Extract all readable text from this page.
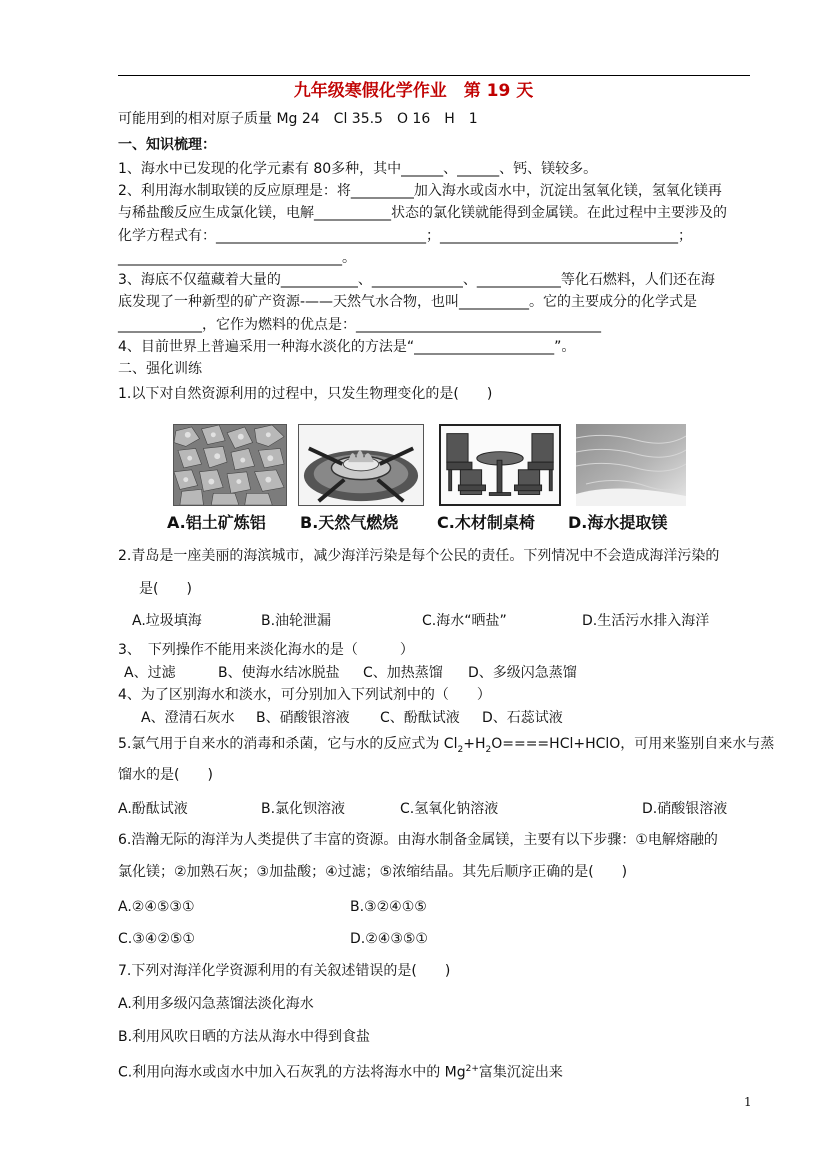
九年级寒假化学作业　第 19 天
可能用到的相对原子质量 Mg 24　Cl 35.5　O 16　H　1
一、知识梳理：
1、海水中已发现的化学元素有 80多种，其中______、______、钙、镁较多。
2、利用海水制取镁的反应原理是：将_________加入海水或卤水中，沉淀出氢氧化镁，氢氧化镁再
与稀盐酸反应生成氯化镁，电解___________状态的氯化镁就能得到金属镁。在此过程中主要涉及的
化学方程式有：______________________________；__________________________________；
________________________________。
3、海底不仅蕴藏着大量的___________、_____________、____________等化石燃料，人们还在海
底发现了一种新型的矿产资源-——天然气水合物，也叫__________。它的主要成分的化学式是
____________，它作为燃料的优点是：___________________________________
4、目前世界上普遍采用一种海水淡化的方法是“____________________”。
二、强化训练
1.以下对自然资源利用的过程中，只发生物理变化的是(　　)
A.铝土矿炼铝 B.天然气燃烧 C.木材制桌椅 D.海水提取镁
2.青岛是一座美丽的海滨城市，减少海洋污染是每个公民的责任。下列情况中不会造成海洋污染的
是(　　)
A.垃圾填海	B.油轮泄漏	C.海水“晒盐”	D.生活污水排入海洋
3、　下列操作不能用来淡化海水的是（　　　）
A、过滤	B、使海水结冰脱盐 C、加热蒸馏 D、多级闪急蒸馏
4、为了区别海水和淡水，可分别加入下列试剂中的（　　）
A、澄清石灰水 B、硝酸银溶液 C、酚酞试液 D、石蕊试液
5.氯气用于自来水的消毒和杀菌，它与水的反应式为 $Cl_2+H_2O====HCl+HClO$，可用来鉴别自来水与蒸
馏水的是(　　)
A.酚酞试液	B.氯化钡溶液	C.氢氧化钠溶液	D.硝酸银溶液
6.浩瀚无际的海洋为人类提供了丰富的资源。由海水制备金属镁，主要有以下步骤：①电解熔融的
氯化镁；②加熟石灰；③加盐酸；④过滤；⑤浓缩结晶。其先后顺序正确的是(　　)
A.②④⑤③①	B.③②④①⑤
C.③④②⑤①	D.②④③⑤①
7.下列对海洋化学资源利用的有关叙述错误的是(　　)
A.利用多级闪急蒸馏法淡化海水
B.利用风吹日晒的方法从海水中得到食盐
C.利用向海水或卤水中加入石灰乳的方法将海水中的 $Mg^{2+}$富集沉淀出来
1
